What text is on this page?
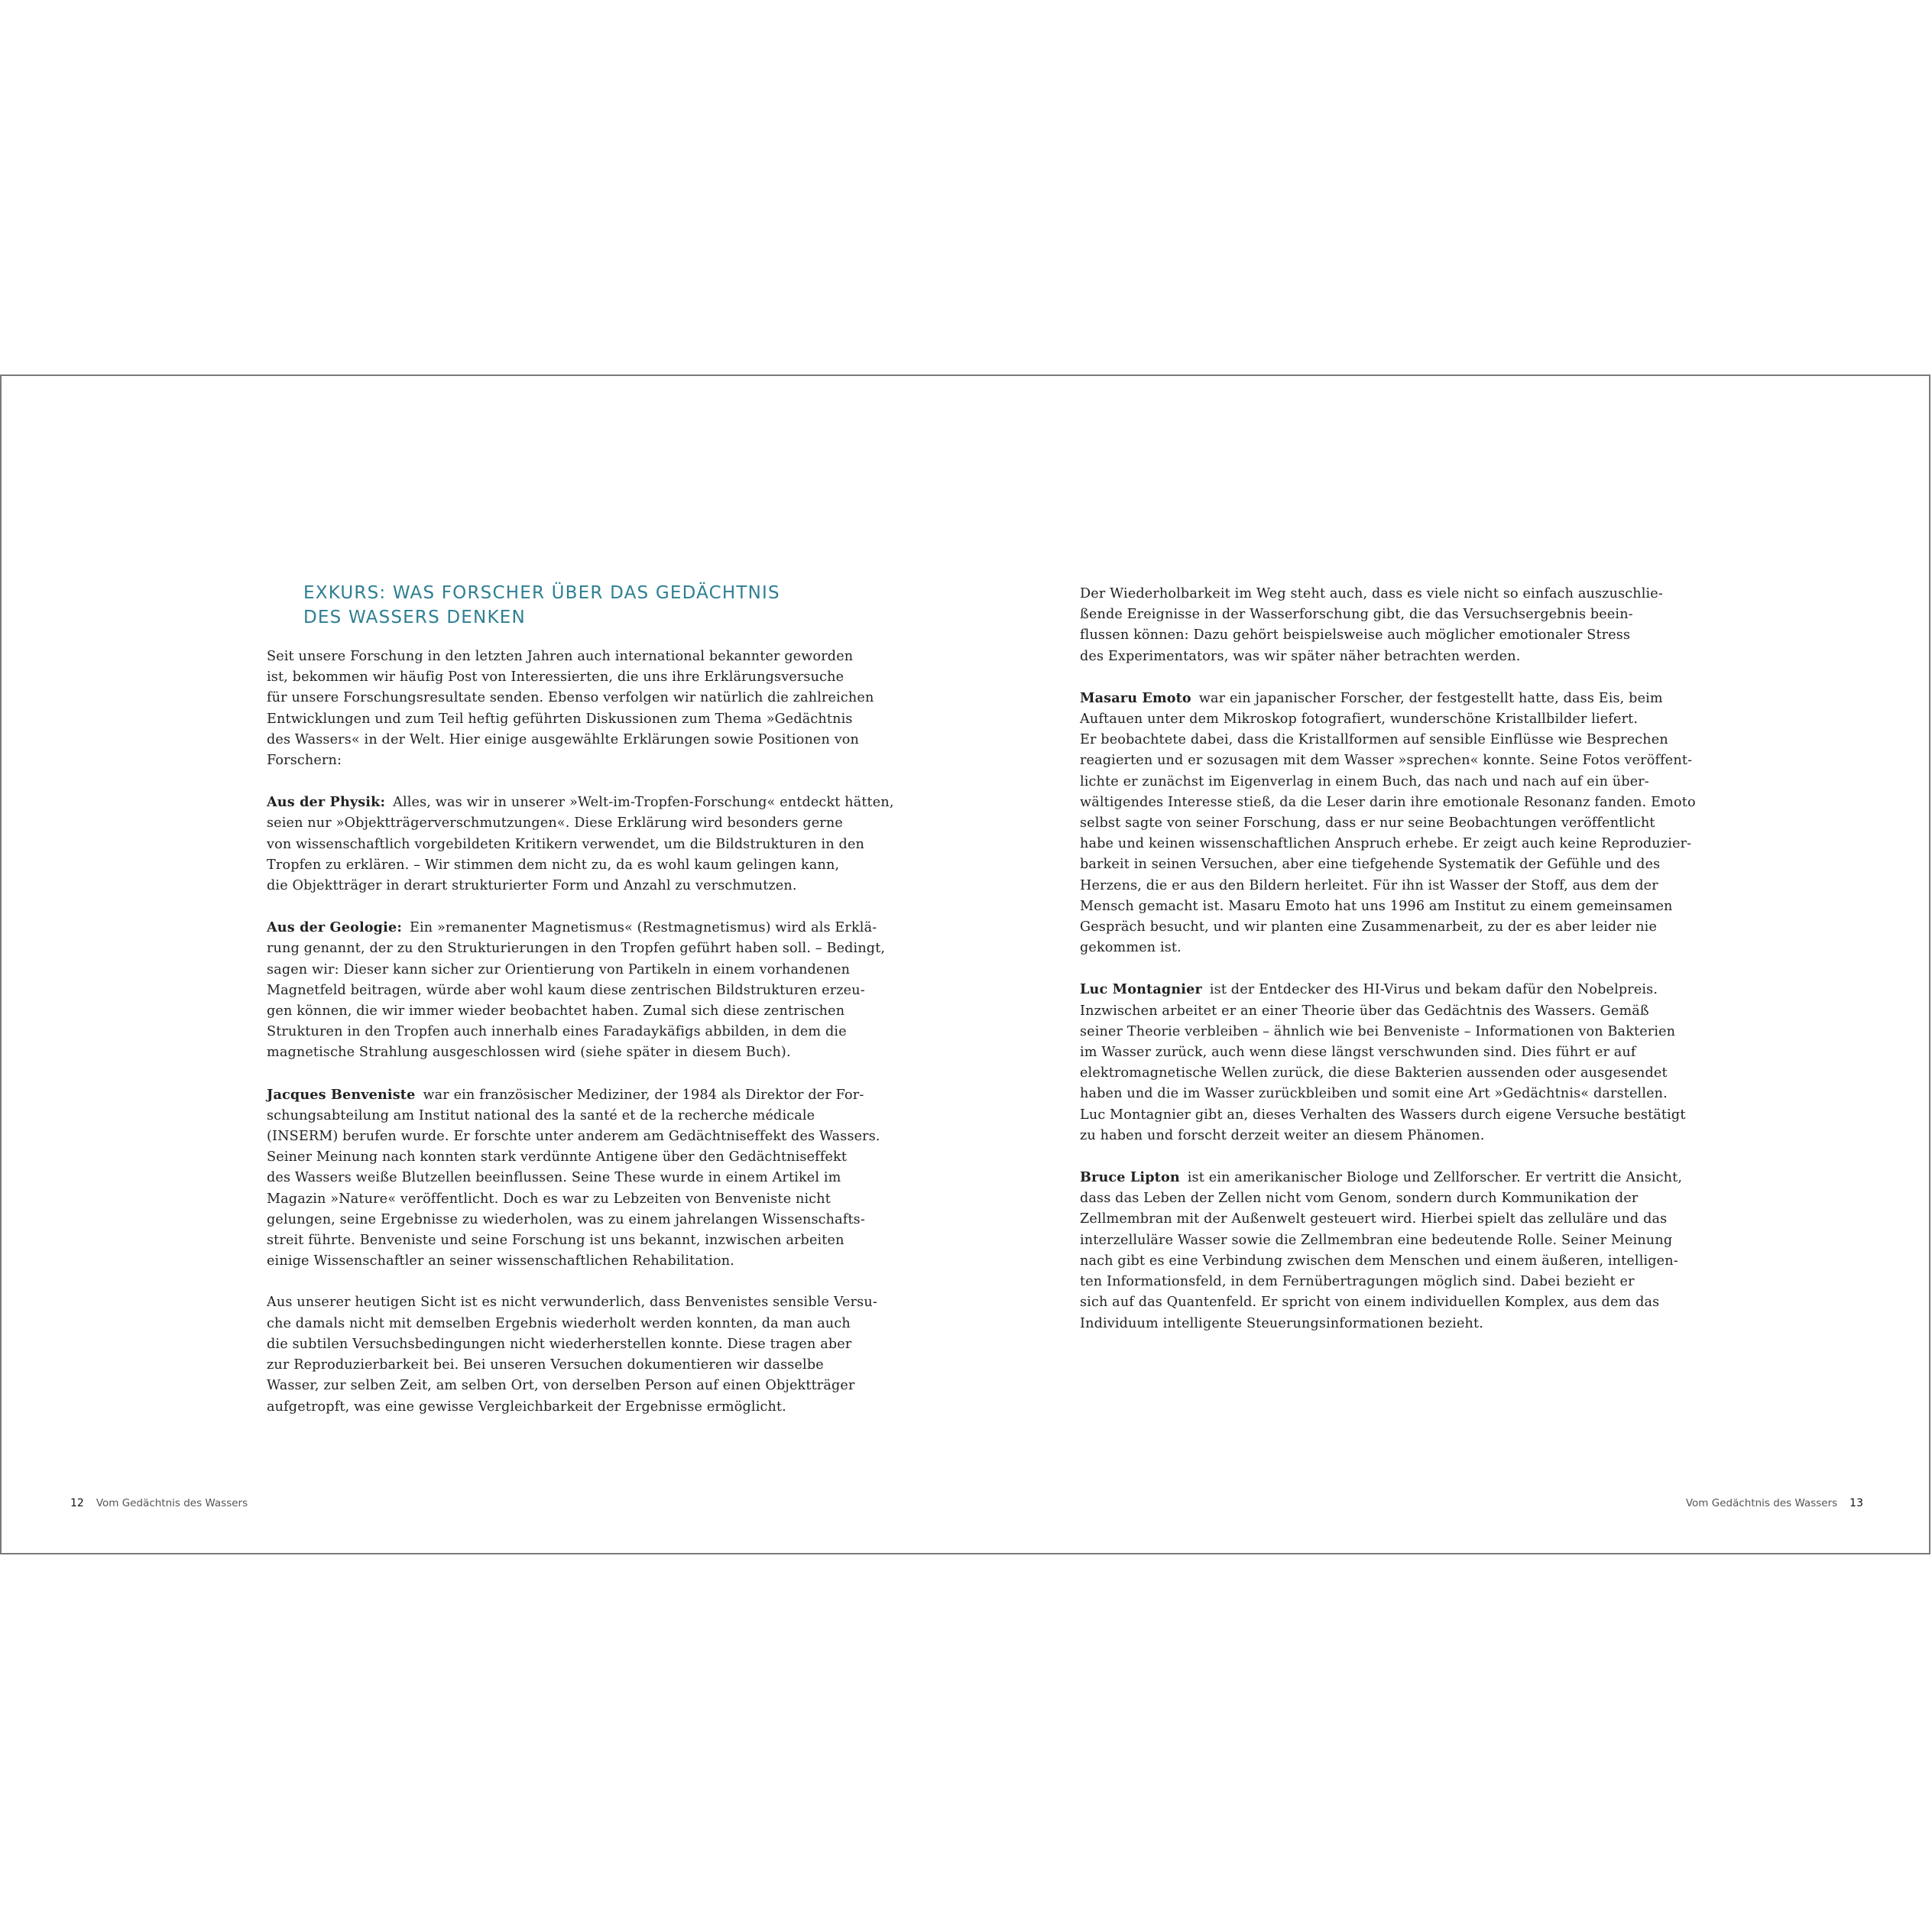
EXKURS: WAS FORSCHER ÜBER DAS GEDÄCHTNIS
DES WASSERS DENKEN
Seit unsere Forschung in den letzten Jahren auch international bekannter geworden
ist, bekommen wir häufig Post von Interessierten, die uns ihre Erklärungsversuche
für unsere Forschungsresultate senden. Ebenso verfolgen wir natürlich die zahlreichen
Entwicklungen und zum Teil heftig geführten Diskussionen zum Thema »Gedächtnis
des Wassers« in der Welt. Hier einige ausgewählte Erklärungen sowie Positionen von
Forschern:
Aus der Physik: Alles, was wir in unserer »Welt-im-Tropfen-Forschung« entdeckt hätten,
seien nur »Objektträgerverschmutzungen«. Diese Erklärung wird besonders gerne
von wissenschaftlich vorgebildeten Kritikern verwendet, um die Bildstrukturen in den
Tropfen zu erklären. – Wir stimmen dem nicht zu, da es wohl kaum gelingen kann,
die Objektträger in derart strukturierter Form und Anzahl zu verschmutzen.
Aus der Geologie: Ein »remanenter Magnetismus« (Restmagnetismus) wird als Erklä-
rung genannt, der zu den Strukturierungen in den Tropfen geführt haben soll. – Bedingt,
sagen wir: Dieser kann sicher zur Orientierung von Partikeln in einem vorhandenen
Magnetfeld beitragen, würde aber wohl kaum diese zentrischen Bildstrukturen erzeu-
gen können, die wir immer wieder beobachtet haben. Zumal sich diese zentrischen
Strukturen in den Tropfen auch innerhalb eines Faradaykäfigs abbilden, in dem die
magnetische Strahlung ausgeschlossen wird (siehe später in diesem Buch).
Jacques Benveniste war ein französischer Mediziner, der 1984 als Direktor der For-
schungsabteilung am Institut national des la santé et de la recherche médicale
(INSERM) berufen wurde. Er forschte unter anderem am Gedächtniseffekt des Wassers.
Seiner Meinung nach konnten stark verdünnte Antigene über den Gedächtniseffekt
des Wassers weiße Blutzellen beeinflussen. Seine These wurde in einem Artikel im
Magazin »Nature« veröffentlicht. Doch es war zu Lebzeiten von Benveniste nicht
gelungen, seine Ergebnisse zu wiederholen, was zu einem jahrelangen Wissenschafts-
streit führte. Benveniste und seine Forschung ist uns bekannt, inzwischen arbeiten
einige Wissenschaftler an seiner wissenschaftlichen Rehabilitation.
Aus unserer heutigen Sicht ist es nicht verwunderlich, dass Benvenistes sensible Versu-
che damals nicht mit demselben Ergebnis wiederholt werden konnten, da man auch
die subtilen Versuchsbedingungen nicht wiederherstellen konnte. Diese tragen aber
zur Reproduzierbarkeit bei. Bei unseren Versuchen dokumentieren wir dasselbe
Wasser, zur selben Zeit, am selben Ort, von derselben Person auf einen Objektträger
aufgetropft, was eine gewisse Vergleichbarkeit der Ergebnisse ermöglicht.
12 Vom Gedächtnis des Wassers
Der Wiederholbarkeit im Weg steht auch, dass es viele nicht so einfach auszuschlie-
ßende Ereignisse in der Wasserforschung gibt, die das Versuchsergebnis beein-
flussen können: Dazu gehört beispielsweise auch möglicher emotionaler Stress
des Experimentators, was wir später näher betrachten werden.
Masaru Emoto war ein japanischer Forscher, der festgestellt hatte, dass Eis, beim
Auftauen unter dem Mikroskop fotografiert, wunderschöne Kristallbilder liefert.
Er beobachtete dabei, dass die Kristallformen auf sensible Einflüsse wie Besprechen
reagierten und er sozusagen mit dem Wasser »sprechen« konnte. Seine Fotos veröffent-
lichte er zunächst im Eigenverlag in einem Buch, das nach und nach auf ein über-
wältigendes Interesse stieß, da die Leser darin ihre emotionale Resonanz fanden. Emoto
selbst sagte von seiner Forschung, dass er nur seine Beobachtungen veröffentlicht
habe und keinen wissenschaftlichen Anspruch erhebe. Er zeigt auch keine Reproduzier-
barkeit in seinen Versuchen, aber eine tiefgehende Systematik der Gefühle und des
Herzens, die er aus den Bildern herleitet. Für ihn ist Wasser der Stoff, aus dem der
Mensch gemacht ist. Masaru Emoto hat uns 1996 am Institut zu einem gemeinsamen
Gespräch besucht, und wir planten eine Zusammenarbeit, zu der es aber leider nie
gekommen ist.
Luc Montagnier ist der Entdecker des HI-Virus und bekam dafür den Nobelpreis.
Inzwischen arbeitet er an einer Theorie über das Gedächtnis des Wassers. Gemäß
seiner Theorie verbleiben – ähnlich wie bei Benveniste – Informationen von Bakterien
im Wasser zurück, auch wenn diese längst verschwunden sind. Dies führt er auf
elektromagnetische Wellen zurück, die diese Bakterien aussenden oder ausgesendet
haben und die im Wasser zurückbleiben und somit eine Art »Gedächtnis« darstellen.
Luc Montagnier gibt an, dieses Verhalten des Wassers durch eigene Versuche bestätigt
zu haben und forscht derzeit weiter an diesem Phänomen.
Bruce Lipton ist ein amerikanischer Biologe und Zellforscher. Er vertritt die Ansicht,
dass das Leben der Zellen nicht vom Genom, sondern durch Kommunikation der
Zellmembran mit der Außenwelt gesteuert wird. Hierbei spielt das zelluläre und das
interzelluläre Wasser sowie die Zellmembran eine bedeutende Rolle. Seiner Meinung
nach gibt es eine Verbindung zwischen dem Menschen und einem äußeren, intelligen-
ten Informationsfeld, in dem Fernübertragungen möglich sind. Dabei bezieht er
sich auf das Quantenfeld. Er spricht von einem individuellen Komplex, aus dem das
Individuum intelligente Steuerungsinformationen bezieht.
Vom Gedächtnis des Wassers 13
